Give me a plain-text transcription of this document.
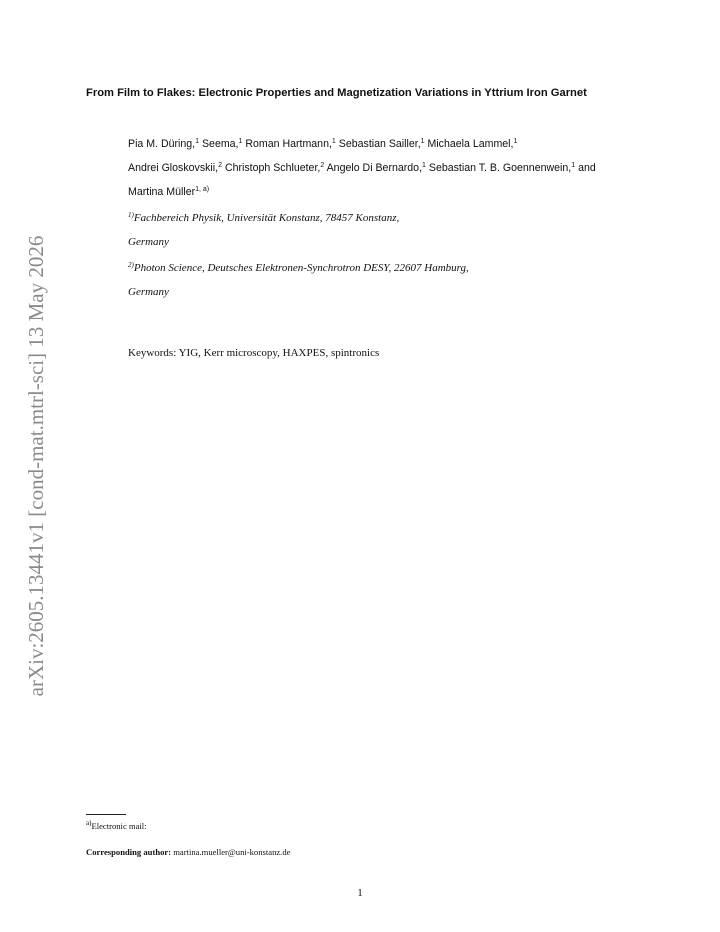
arXiv:2605.13441v1 [cond-mat.mtrl-sci] 13 May 2026
From Film to Flakes: Electronic Properties and Magnetization Variations in Yttrium Iron Garnet
Pia M. Düring,$^1$ Seema,$^1$ Roman Hartmann,$^1$ Sebastian Sailler,$^1$ Michaela Lammel,$^1$
Andrei Gloskovskii,$^2$ Christoph Schlueter,$^2$ Angelo Di Bernardo,$^1$ Sebastian T. B. Goennenwein,$^1$ and Martina Müller$^{1, a)}$
$^{1)}$Fachbereich Physik, Universität Konstanz, 78457 Konstanz,
Germany
$^{2)}$Photon Science, Deutsches Elektronen-Synchrotron DESY, 22607 Hamburg,
Germany
Keywords: YIG, Kerr microscopy, HAXPES, spintronics
$^{a)}$Electronic mail:
Corresponding author: martina.mueller@uni-konstanz.de
1
